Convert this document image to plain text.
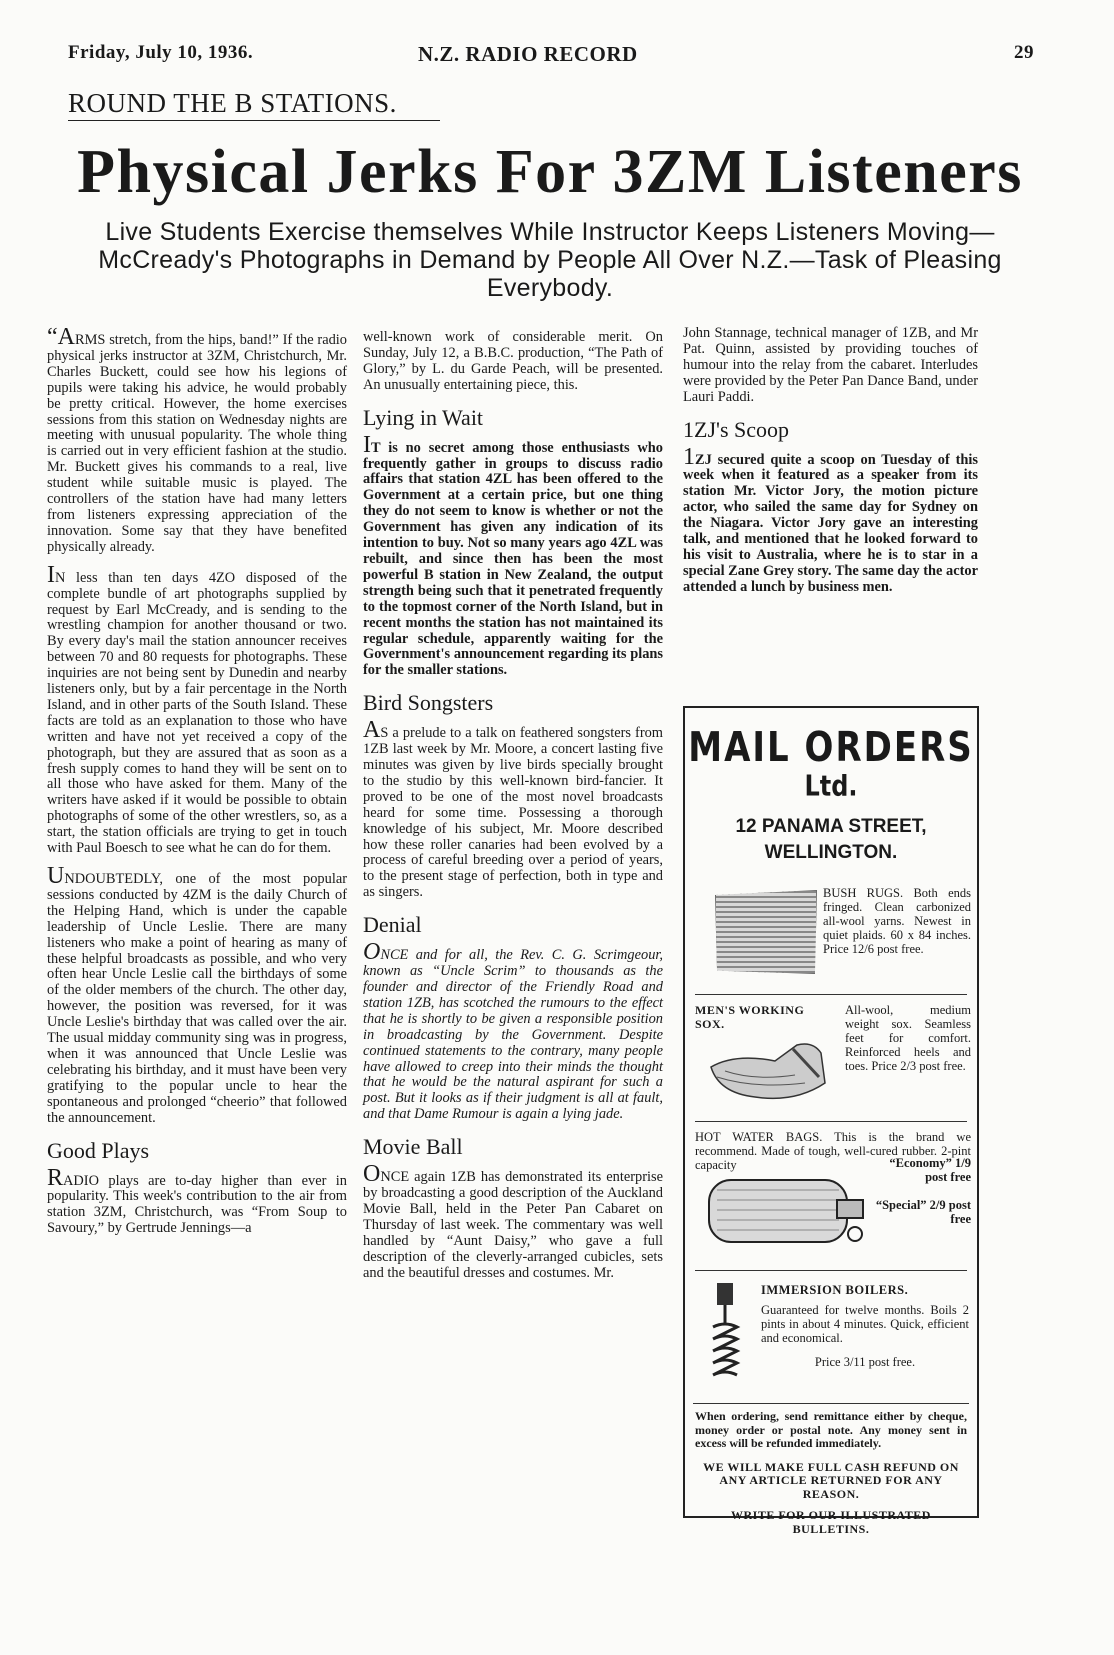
Friday, July 10, 1936.	N.Z. RADIO RECORD	29
ROUND THE B STATIONS.
Physical Jerks For 3ZM Listeners
Live Students Exercise themselves While Instructor Keeps Listeners Moving—McCready's Photographs in Demand by People All Over N.Z.—Task of Pleasing Everybody.

“ARMS stretch, from the hips, band!” If the radio physical jerks instructor at 3ZM, Christchurch, Mr. Charles Buckett, could see how his legions of pupils were taking his advice, he would probably be pretty critical. However, the home exercises sessions from this station on Wednesday nights are meeting with unusual popularity. The whole thing is carried out in very efficient fashion at the studio. Mr. Buckett gives his commands to a real, live student while suitable music is played. The controllers of the station have had many letters from listeners expressing appreciation of the innovation. Some say that they have benefited physically already.

IN less than ten days 4ZO disposed of the complete bundle of art photographs supplied by request by Earl McCready, and is sending to the wrestling champion for another thousand or two. By every day's mail the station announcer receives between 70 and 80 requests for photographs. These inquiries are not being sent by Dunedin and nearby listeners only, but by a fair percentage in the North Island, and in other parts of the South Island. These facts are told as an explanation to those who have written and have not yet received a copy of the photograph, but they are assured that as soon as a fresh supply comes to hand they will be sent on to all those who have asked for them. Many of the writers have asked if it would be possible to obtain photographs of some of the other wrestlers, so, as a start, the station officials are trying to get in touch with Paul Boesch to see what he can do for them.

UNDOUBTEDLY, one of the most popular sessions conducted by 4ZM is the daily Church of the Helping Hand, which is under the capable leadership of Uncle Leslie. There are many listeners who make a point of hearing as many of these helpful broadcasts as possible, and who very often hear Uncle Leslie call the birthdays of some of the older members of the church. The other day, however, the position was reversed, for it was Uncle Leslie's birthday that was called over the air. The usual midday community sing was in progress, when it was announced that Uncle Leslie was celebrating his birthday, and it must have been very gratifying to the popular uncle to hear the spontaneous and prolonged “cheerio” that followed the announcement.

Good Plays

RADIO plays are to-day higher than ever in popularity. This week's contribution to the air from station 3ZM, Christchurch, was “From Soup to Savoury,” by Gertrude Jennings—a

well-known work of considerable merit. On Sunday, July 12, a B.B.C. production, “The Path of Glory,” by L. du Garde Peach, will be presented. An unusually entertaining piece, this.

Lying in Wait

IT is no secret among those enthusiasts who frequently gather in groups to discuss radio affairs that station 4ZL has been offered to the Government at a certain price, but one thing they do not seem to know is whether or not the Government has given any indication of its intention to buy. Not so many years ago 4ZL was rebuilt, and since then has been the most powerful B station in New Zealand, the output strength being such that it penetrated frequently to the topmost corner of the North Island, but in recent months the station has not maintained its regular schedule, apparently waiting for the Government's announcement regarding its plans for the smaller stations.

Bird Songsters

AS a prelude to a talk on feathered songsters from 1ZB last week by Mr. Moore, a concert lasting five minutes was given by live birds specially brought to the studio by this well-known bird-fancier. It proved to be one of the most novel broadcasts heard for some time. Possessing a thorough knowledge of his subject, Mr. Moore described how these roller canaries had been evolved by a process of careful breeding over a period of years, to the present stage of perfection, both in type and as singers.

Denial

ONCE and for all, the Rev. C. G. Scrimgeour, known as “Uncle Scrim” to thousands as the founder and director of the Friendly Road and station 1ZB, has scotched the rumours to the effect that he is shortly to be given a responsible position in broadcasting by the Government. Despite continued statements to the contrary, many people have allowed to creep into their minds the thought that he would be the natural aspirant for such a post. But it looks as if their judgment is all at fault, and that Dame Rumour is again a lying jade.

Movie Ball

ONCE again 1ZB has demonstrated its enterprise by broadcasting a good description of the Auckland Movie Ball, held in the Peter Pan Cabaret on Thursday of last week. The commentary was well handled by “Aunt Daisy,” who gave a full description of the cleverly-arranged cubicles, sets and the beautiful dresses and costumes. Mr.

John Stannage, technical manager of 1ZB, and Mr Pat. Quinn, assisted by providing touches of humour into the relay from the cabaret. Interludes were provided by the Peter Pan Dance Band, under Lauri Paddi.

1ZJ's Scoop

1ZJ secured quite a scoop on Tuesday of this week when it featured as a speaker from its station Mr. Victor Jory, the motion picture actor, who sailed the same day for Sydney on the Niagara. Victor Jory gave an interesting talk, and mentioned that he looked forward to his visit to Australia, where he is to star in a special Zane Grey story. The same day the actor attended a lunch by business men.

MAIL ORDERS
Ltd.
12 PANAMA STREET,
WELLINGTON.
BUSH RUGS. Both ends fringed. Clean carbonized all-wool yarns. Newest in quiet plaids. 60 x 84 inches. Price 12/6 post free.
MEN'S WORKING SOX.
All-wool, medium weight sox. Seamless feet for comfort. Reinforced heels and toes. Price 2/3 post free.
HOT WATER BAGS. This is the brand we recommend. Made of tough, well-cured rubber. 2-pint capacity	“Economy” 1/9 post free
“Special” 2/9 post free
IMMERSION BOILERS.
Guaranteed for twelve months. Boils 2 pints in about 4 minutes. Quick, efficient and economical.
Price 3/11 post free.
When ordering, send remittance either by cheque, money order or postal note. Any money sent in excess will be refunded immediately.
WE WILL MAKE FULL CASH REFUND ON ANY ARTICLE RETURNED FOR ANY REASON.
WRITE FOR OUR ILLUSTRATED BULLETINS.
